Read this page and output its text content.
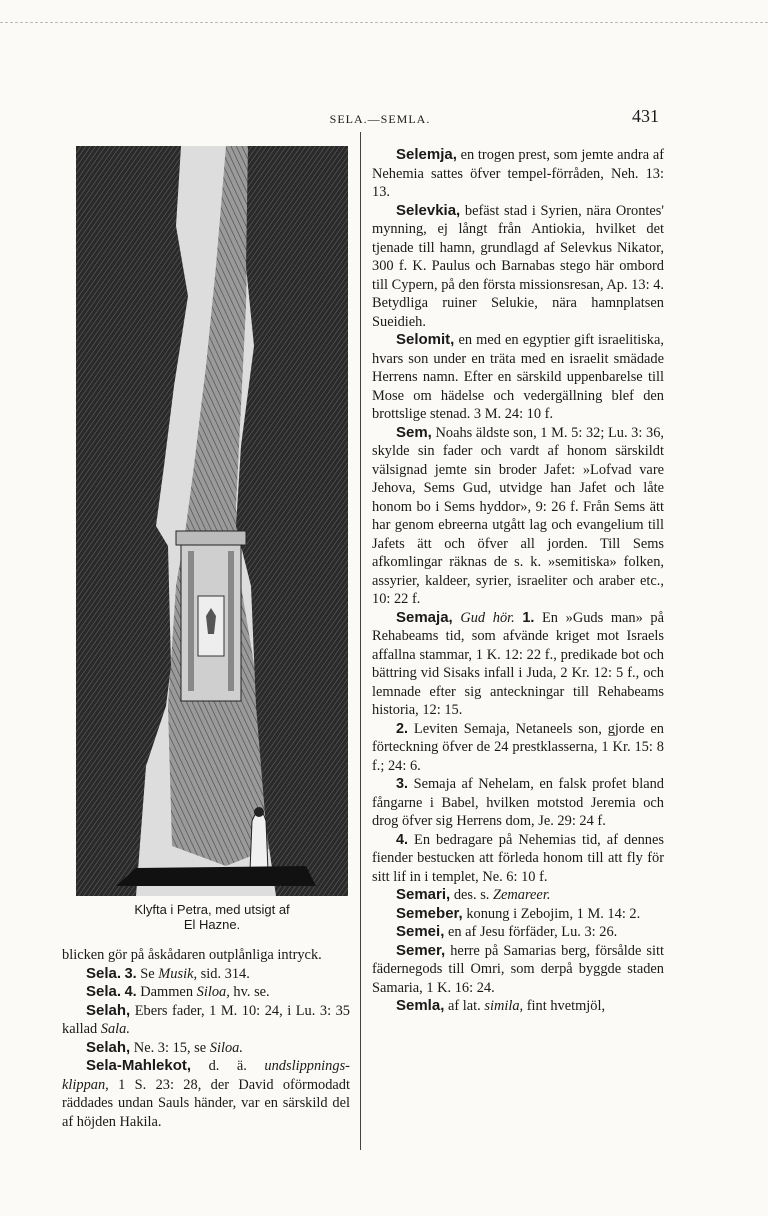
SELA.—SEMLA.	431
Klyfta i Petra, med utsigt af
El Hazne.

blicken gör på åskådaren outplånliga intryck.

Sela. 3. Se Musik, sid. 314.

Sela. 4. Dammen Siloa, hv. se.

Selah, Ebers fader, 1 M. 10: 24, i Lu. 3: 35 kallad Sala.

Selah, Ne. 3: 15, se Siloa.

Sela-Mahlekot, d. ä. undslippnings-klippan, 1 S. 23: 28, der David oförmodadt räddades undan Sauls händer, var en särskild del af höjden Hakila.

Selemja, en trogen prest, som jemte andra af Nehemia sattes öfver tempel-förråden, Neh. 13: 13.

Selevkia, befäst stad i Syrien, nära Orontes' mynning, ej långt från Antiokia, hvilket det tjenade till hamn, grundlagd af Selevkus Nikator, 300 f. K. Paulus och Barnabas stego här ombord till Cypern, på den första missionsresan, Ap. 13: 4. Betydliga ruiner Selukie, nära hamnplatsen Sueidieh.

Selomit, en med en egyptier gift israelitiska, hvars son under en träta med en israelit smädade Herrens namn. Efter en särskild uppenbarelse till Mose om hädelse och vedergällning blef den brottslige stenad. 3 M. 24: 10 f.

Sem, Noahs äldste son, 1 M. 5: 32; Lu. 3: 36, skylde sin fader och vardt af honom särskildt välsignad jemte sin broder Jafet: »Lofvad vare Jehova, Sems Gud, utvidge han Jafet och låte honom bo i Sems hyddor», 9: 26 f. Från Sems ätt har genom ebreerna utgått lag och evangelium till Jafets ätt och öfver all jorden. Till Sems afkomlingar räknas de s. k. »semitiska» folken, assyrier, kaldeer, syrier, israeliter och araber etc., 10: 22 f.

Semaja, Gud hör. 1. En »Guds man» på Rehabeams tid, som afvände kriget mot Israels affallna stammar, 1 K. 12: 22 f., predikade bot och bättring vid Sisaks infall i Juda, 2 Kr. 12: 5 f., och lemnade efter sig anteckningar till Rehabeams historia, 12: 15.

2. Leviten Semaja, Netaneels son, gjorde en förteckning öfver de 24 prestklasserna, 1 Kr. 15: 8 f.; 24: 6.

3. Semaja af Nehelam, en falsk profet bland fångarne i Babel, hvilken motstod Jeremia och drog öfver sig Herrens dom, Je. 29: 24 f.

4. En bedragare på Nehemias tid, af dennes fiender bestucken att förleda honom till att fly för sitt lif in i templet, Ne. 6: 10 f.

Semari, des. s. Zemareer.

Semeber, konung i Zebojim, 1 M. 14: 2.

Semei, en af Jesu förfäder, Lu. 3: 26.

Semer, herre på Samarias berg, försålde sitt fädernegods till Omri, som derpå byggde staden Samaria, 1 K. 16: 24.

Semla, af lat. simila, fint hvetmjöl,
